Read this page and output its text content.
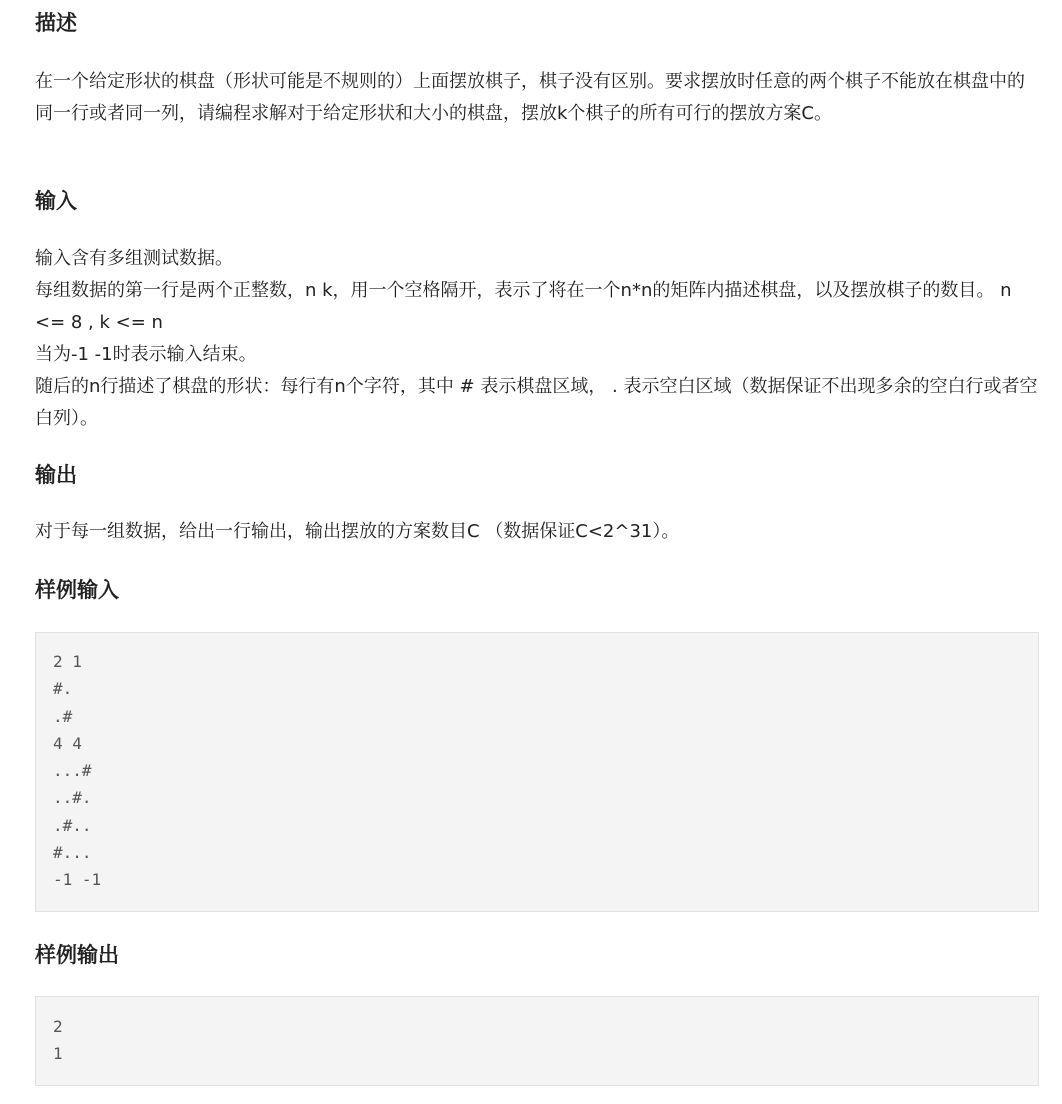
描述

在一个给定形状的棋盘（形状可能是不规则的）上面摆放棋子，棋子没有区别。要求摆放时任意的两个棋子不能放在棋盘中的同一行或者同一列，请编程求解对于给定形状和大小的棋盘，摆放k个棋子的所有可行的摆放方案C。

输入

输入含有多组测试数据。

每组数据的第一行是两个正整数，n k，用一个空格隔开，表示了将在一个n*n的矩阵内描述棋盘，以及摆放棋子的数目。 n <= 8 , k <= n

当为-1 -1时表示输入结束。

随后的n行描述了棋盘的形状：每行有n个字符，其中 # 表示棋盘区域， . 表示空白区域（数据保证不出现多余的空白行或者空白列）。

输出

对于每一组数据，给出一行输出，输出摆放的方案数目C （数据保证C<2^31）。

样例输入
2 1
#.
.#
4 4
...#
..#.
.#..
#...
-1 -1
样例输出
2
1
